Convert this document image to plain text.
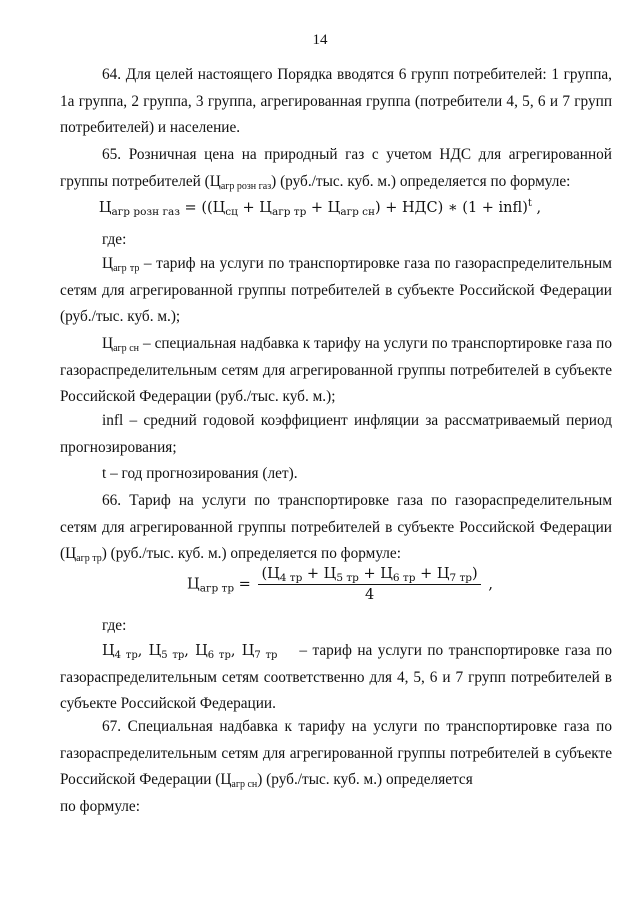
14

64. Для целей настоящего Порядка вводятся 6 групп потребителей: 1 группа, 1а группа, 2 группа, 3 группа, агрегированная группа (потребители 4, 5, 6 и 7 групп потребителей) и население.

65. Розничная цена на природный газ с учетом НДС для агрегированной группы потребителей $(Ц_{агр розн газ})$ (руб./тыс. куб. м.) определяется по формуле:

$Ц_{агр розн газ} = ((Ц_{сц} + Ц_{агр тр} + Ц_{агр сн}) + НДС)$ ∗ (1 + infl)$^t$ ,

где:

$Ц_{агр тр}$ – тариф на услуги по транспортировке газа по газораспределительным сетям для агрегированной группы потребителей в субъекте Российской Федерации (руб./тыс. куб. м.);

$Ц_{агр сн}$ – специальная надбавка к тарифу на услуги по транспортировке газа по газораспределительным сетям для агрегированной группы потребителей в субъекте Российской Федерации (руб./тыс. куб. м.);

infl – средний годовой коэффициент инфляции за рассматриваемый период прогнозирования;

t – год прогнозирования (лет).

66. Тариф на услуги по транспортировке газа по газораспределительным сетям для агрегированной группы потребителей в субъекте Российской Федерации $(Ц_{агр тр})$ (руб./тыс. куб. м.) определяется по формуле:

$Ц_{агр тр} = \frac{(Ц_{4 тр} + Ц_{5 тр} + Ц_{6 тр} + Ц_{7 тр})}{4}$ ,

где:

$Ц_{4 тр}$, $Ц_{5 тр}$, $Ц_{6 тр}$, $Ц_{7 тр}$ – тариф на услуги по транспортировке газа по газораспределительным сетям соответственно для 4, 5, 6 и 7 групп потребителей в субъекте Российской Федерации.

67. Специальная надбавка к тарифу на услуги по транспортировке газа по газораспределительным сетям для агрегированной группы потребителей в субъекте Российской Федерации $(Ц_{агр сн})$ (руб./тыс. куб. м.) определяется
по формуле:
